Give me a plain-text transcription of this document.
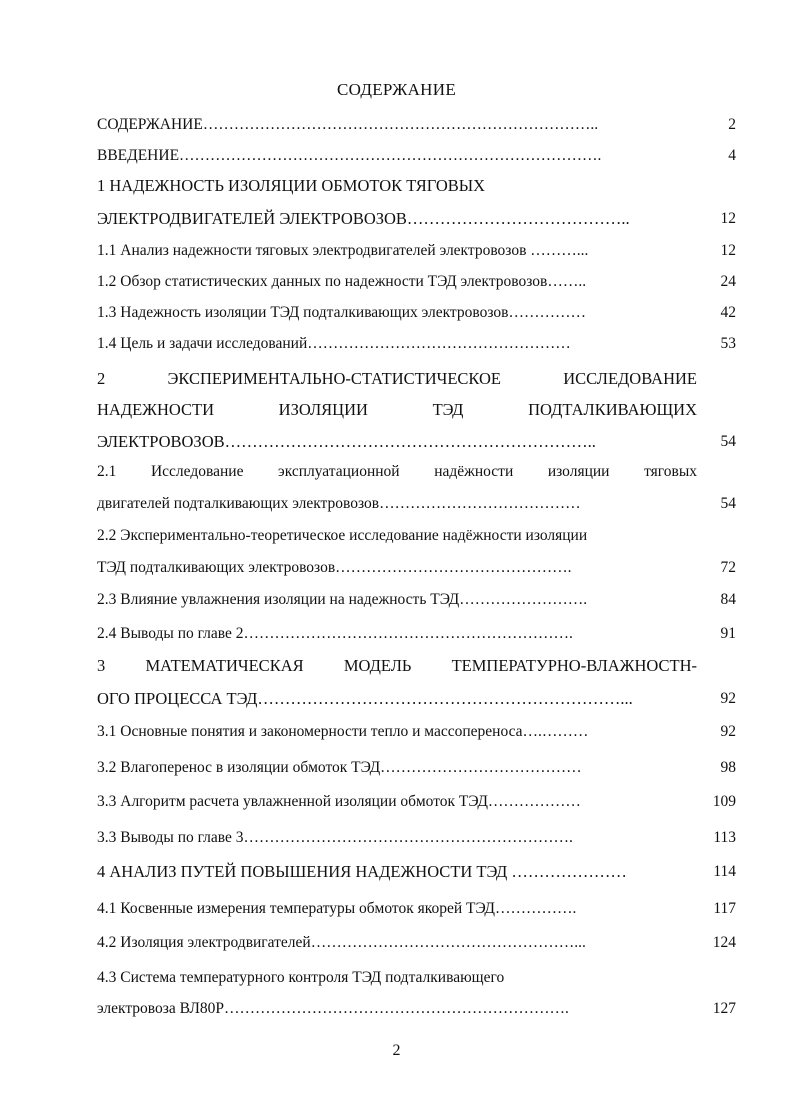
СОДЕРЖАНИЕ
СОДЕРЖАНИЕ…………………………………………………………………..	2
ВВЕДЕНИЕ……………………………………………………………………….	4
1 НАДЕЖНОСТЬ ИЗОЛЯЦИИ ОБМОТОК ТЯГОВЫХ
ЭЛЕКТРОДВИГАТЕЛЕЙ ЭЛЕКТРОВОЗОВ…………………………………..	12
1.1 Анализ надежности тяговых электродвигателей электровозов ………...	12
1.2 Обзор статистических данных по надежности ТЭД электровозов……..	24
1.3 Надежность изоляции ТЭД подталкивающих электровозов……………	42
1.4 Цель и задачи исследований……………………………………………	53
2 ЭКСПЕРИМЕНТАЛЬНО-СТАТИСТИЧЕСКОЕ ИССЛЕДОВАНИЕ
НАДЕЖНОСТИ ИЗОЛЯЦИИ ТЭД ПОДТАЛКИВАЮЩИХ
ЭЛЕКТРОВОЗОВ…………………………………………………………..	54
2.1 Исследование эксплуатационной надёжности изоляции тяговых
двигателей подталкивающих электровозов…………………………………	54
2.2 Экспериментально-теоретическое исследование надёжности изоляции
ТЭД подталкивающих электровозов……………………………………….	72
2.3 Влияние увлажнения изоляции на надежность ТЭД…………………….	84
2.4 Выводы по главе 2……………………………………………………….	91
3 МАТЕМАТИЧЕСКАЯ МОДЕЛЬ ТЕМПЕРАТУРНО-ВЛАЖНОСТН-
ОГО ПРОЦЕССА ТЭД…………………………………………………………...	92
3.1 Основные понятия и закономерности тепло и массопереноса….………	92
3.2 Влагоперенос в изоляции обмоток ТЭД…………………………………	98
3.3 Алгоритм расчета увлажненной изоляции обмоток ТЭД………………	109
3.3 Выводы по главе 3……………………………………………………….	113
4 АНАЛИЗ ПУТЕЙ ПОВЫШЕНИЯ НАДЕЖНОСТИ ТЭД …………………	114
4.1 Косвенные измерения температуры обмоток якорей ТЭД…………….	117
4.2 Изоляция электродвигателей……………………………………………...	124
4.3 Система температурного контроля ТЭД подталкивающего
электровоза ВЛ80Р………………………………………………………….	127
2
